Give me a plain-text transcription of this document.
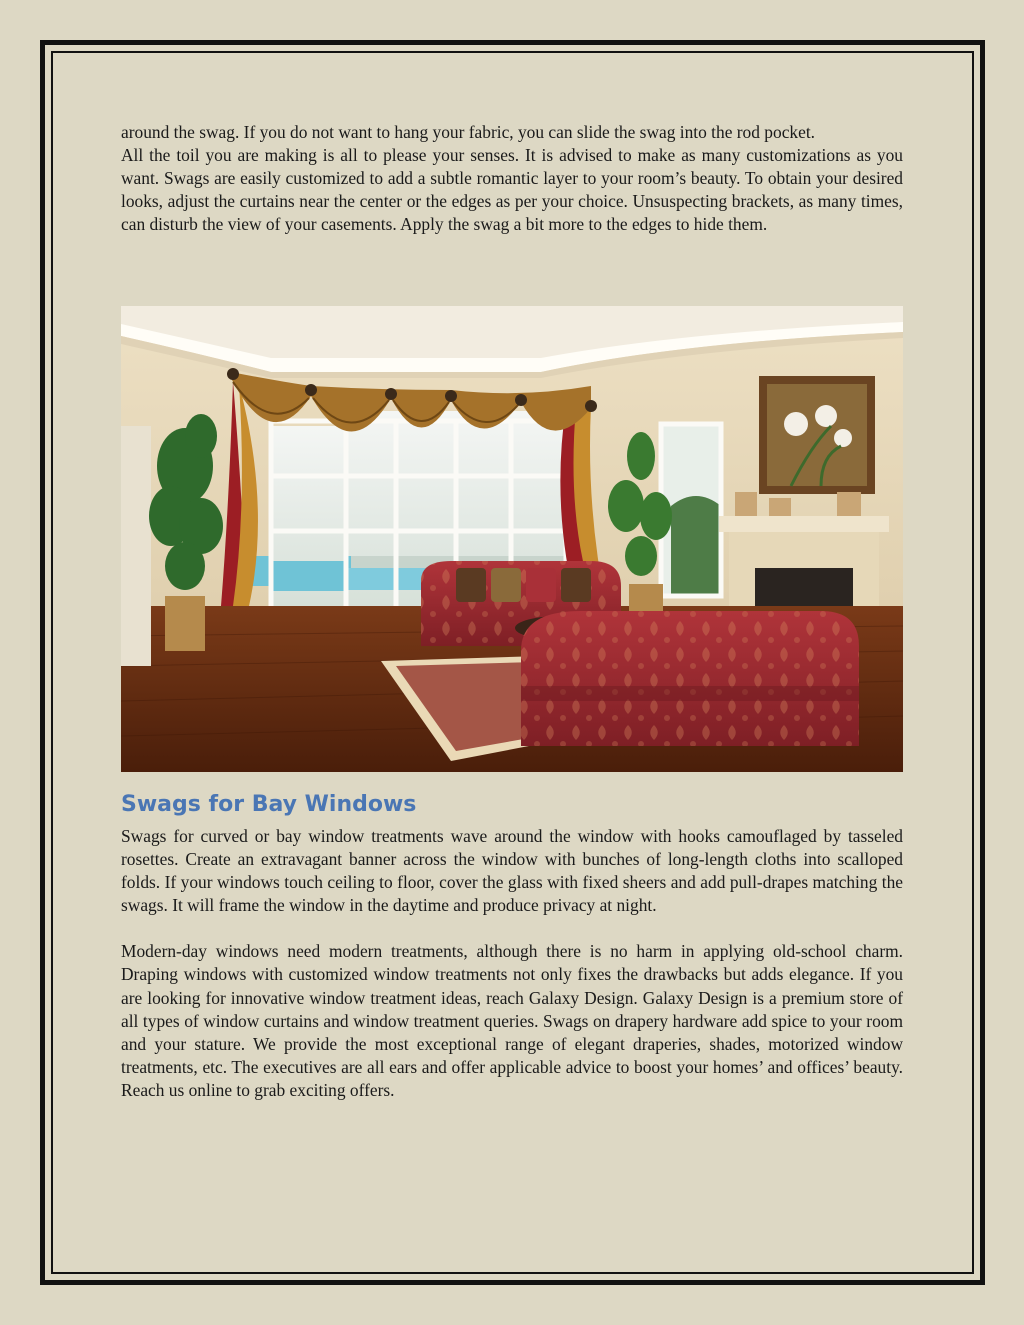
around the swag. If you do not want to hang your fabric, you can slide the swag into the rod pocket.

All the toil you are making is all to please your senses. It is advised to make as many customizations as you want. Swags are easily customized to add a subtle romantic layer to your room’s beauty. To obtain your desired looks, adjust the curtains near the center or the edges as per your choice. Unsuspecting brackets, as many times, can disturb the view of your casements. Apply the swag a bit more to the edges to hide them.

Swags for Bay Windows

Swags for curved or bay window treatments wave around the window with hooks camouflaged by tasseled rosettes. Create an extravagant banner across the window with bunches of long-length cloths into scalloped folds. If your windows touch ceiling to floor, cover the glass with fixed sheers and add pull-drapes matching the swags. It will frame the window in the daytime and produce privacy at night.

Modern-day windows need modern treatments, although there is no harm in applying old-school charm. Draping windows with customized window treatments not only fixes the drawbacks but adds elegance. If you are looking for innovative window treatment ideas, reach Galaxy Design. Galaxy Design is a premium store of all types of window curtains and window treatment queries. Swags on drapery hardware add spice to your room and your stature. We provide the most exceptional range of elegant draperies, shades, motorized window treatments, etc. The executives are all ears and offer applicable advice to boost your homes’ and offices’ beauty. Reach us online to grab exciting offers.
